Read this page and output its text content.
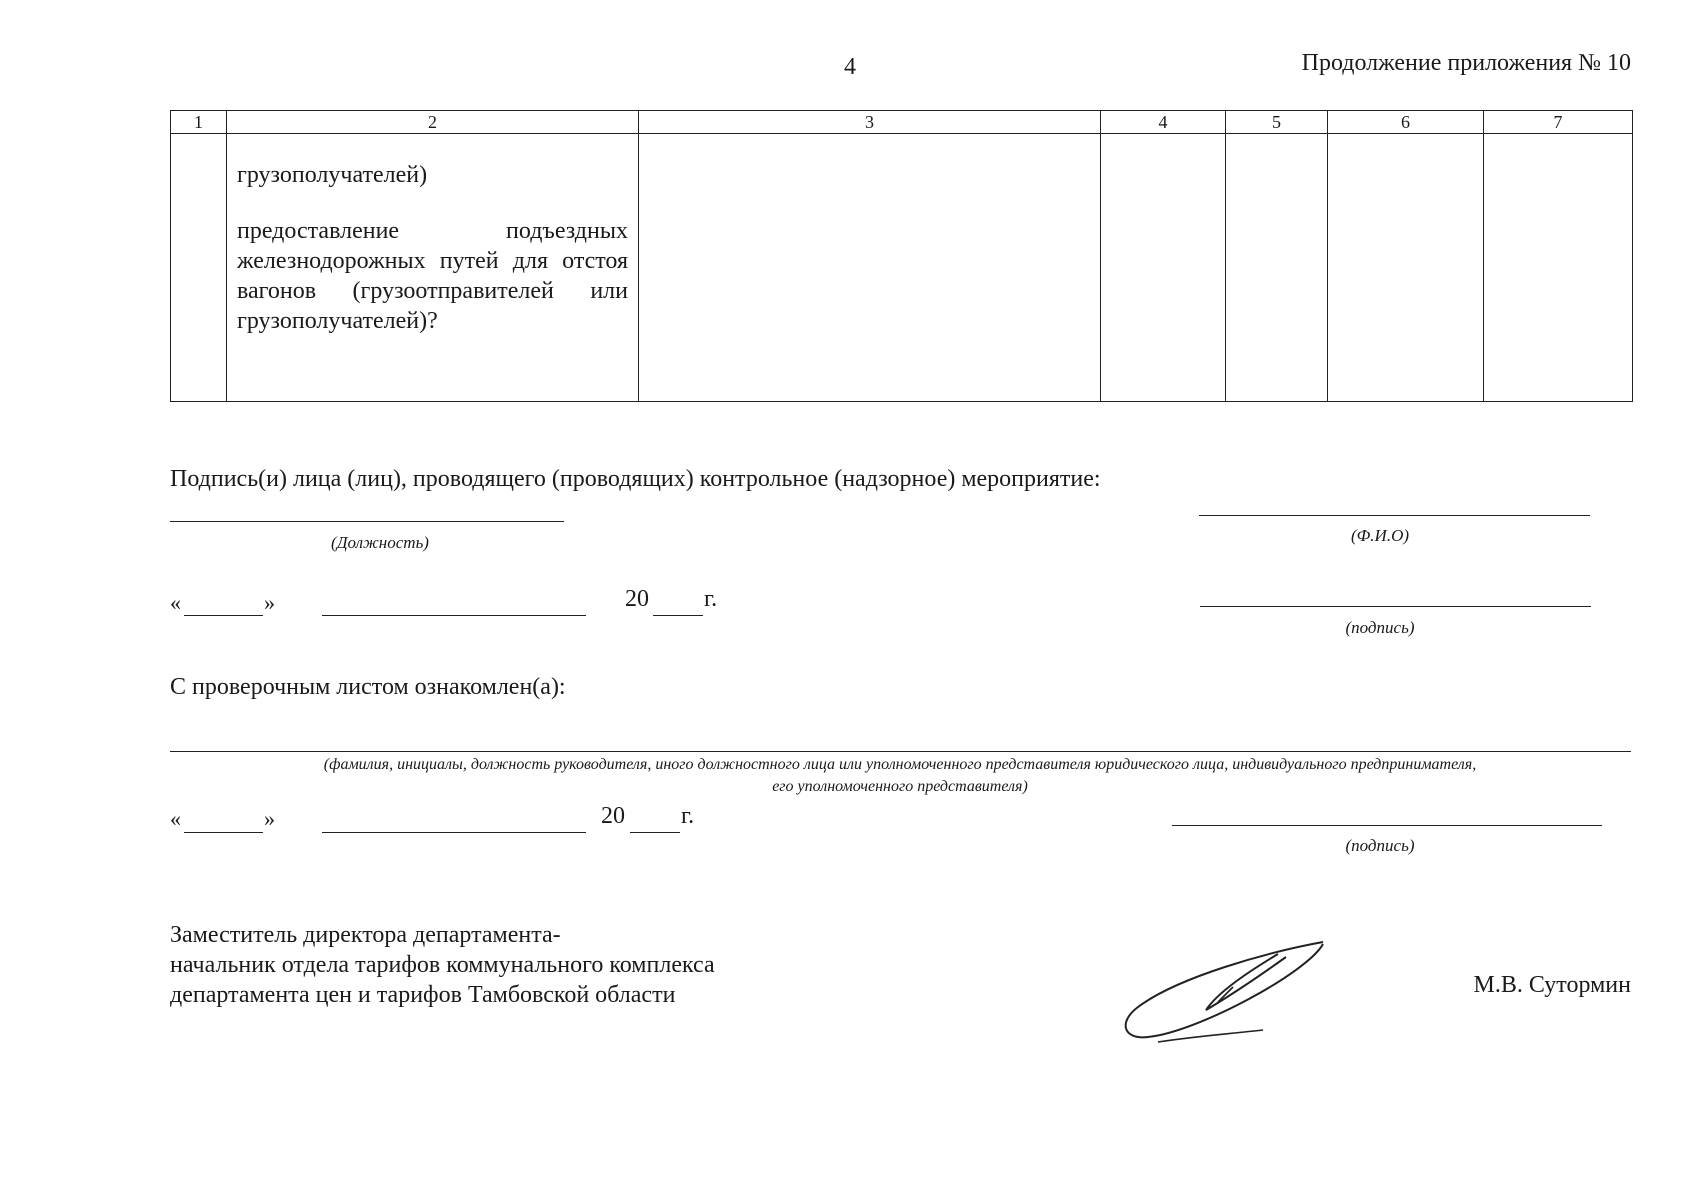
4	Продолжение приложения № 10
1	2	3	4	5	6	7

	грузополучателей)

предоставление подъездных железнодорожных путей для отстоя вагонов (грузоотправителей или грузополучателей)?					

Подпись(и) лица (лиц), проводящего (проводящих) контрольное (надзорное) мероприятие:
(Должность)	(Ф.И.О)
«	»	20 г.
(подпись)
С проверочным листом ознакомлен(а):
(фамилия, инициалы, должность руководителя, иного должностного лица или уполномоченного представителя юридического лица, индивидуального предпринимателя,
его уполномоченного представителя)
«	»	20 г.
(подпись)
Заместитель директора департамента-
начальник отдела тарифов коммунального комплекса
департамента цен и тарифов Тамбовской области	М.В. Сутормин
